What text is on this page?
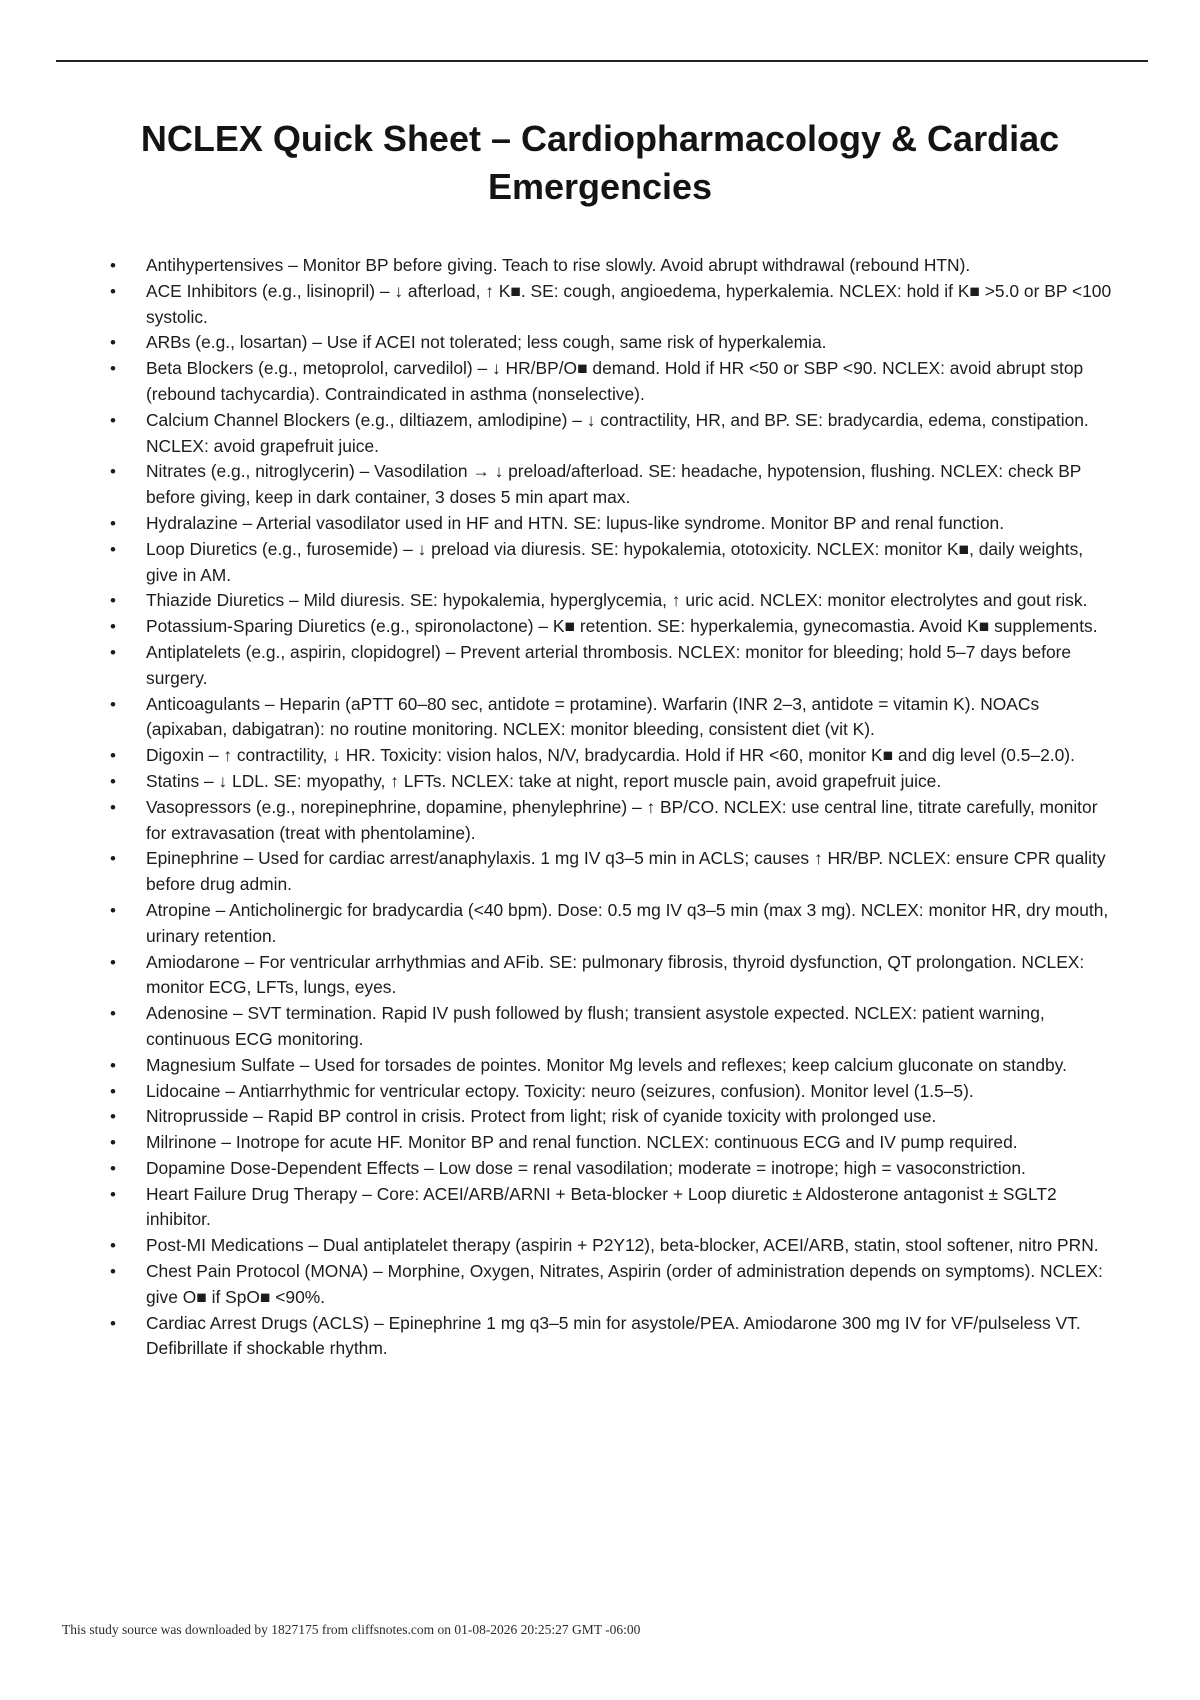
NCLEX Quick Sheet – Cardiopharmacology & Cardiac Emergencies
• Antihypertensives – Monitor BP before giving. Teach to rise slowly. Avoid abrupt withdrawal (rebound HTN).
• ACE Inhibitors (e.g., lisinopril) – ↓ afterload, ↑ K■. SE: cough, angioedema, hyperkalemia. NCLEX: hold if K■ >5.0 or BP <100 systolic.
• ARBs (e.g., losartan) – Use if ACEI not tolerated; less cough, same risk of hyperkalemia.
• Beta Blockers (e.g., metoprolol, carvedilol) – ↓ HR/BP/O■ demand. Hold if HR <50 or SBP <90. NCLEX: avoid abrupt stop (rebound tachycardia). Contraindicated in asthma (nonselective).
• Calcium Channel Blockers (e.g., diltiazem, amlodipine) – ↓ contractility, HR, and BP. SE: bradycardia, edema, constipation. NCLEX: avoid grapefruit juice.
• Nitrates (e.g., nitroglycerin) – Vasodilation → ↓ preload/afterload. SE: headache, hypotension, flushing. NCLEX: check BP before giving, keep in dark container, 3 doses 5 min apart max.
• Hydralazine – Arterial vasodilator used in HF and HTN. SE: lupus-like syndrome. Monitor BP and renal function.
• Loop Diuretics (e.g., furosemide) – ↓ preload via diuresis. SE: hypokalemia, ototoxicity. NCLEX: monitor K■, daily weights, give in AM.
• Thiazide Diuretics – Mild diuresis. SE: hypokalemia, hyperglycemia, ↑ uric acid. NCLEX: monitor electrolytes and gout risk.
• Potassium-Sparing Diuretics (e.g., spironolactone) – K■ retention. SE: hyperkalemia, gynecomastia. Avoid K■ supplements.
• Antiplatelets (e.g., aspirin, clopidogrel) – Prevent arterial thrombosis. NCLEX: monitor for bleeding; hold 5–7 days before surgery.
• Anticoagulants – Heparin (aPTT 60–80 sec, antidote = protamine). Warfarin (INR 2–3, antidote = vitamin K). NOACs (apixaban, dabigatran): no routine monitoring. NCLEX: monitor bleeding, consistent diet (vit K).
• Digoxin – ↑ contractility, ↓ HR. Toxicity: vision halos, N/V, bradycardia. Hold if HR <60, monitor K■ and dig level (0.5–2.0).
• Statins – ↓ LDL. SE: myopathy, ↑ LFTs. NCLEX: take at night, report muscle pain, avoid grapefruit juice.
• Vasopressors (e.g., norepinephrine, dopamine, phenylephrine) – ↑ BP/CO. NCLEX: use central line, titrate carefully, monitor for extravasation (treat with phentolamine).
• Epinephrine – Used for cardiac arrest/anaphylaxis. 1 mg IV q3–5 min in ACLS; causes ↑ HR/BP. NCLEX: ensure CPR quality before drug admin.
• Atropine – Anticholinergic for bradycardia (<40 bpm). Dose: 0.5 mg IV q3–5 min (max 3 mg). NCLEX: monitor HR, dry mouth, urinary retention.
• Amiodarone – For ventricular arrhythmias and AFib. SE: pulmonary fibrosis, thyroid dysfunction, QT prolongation. NCLEX: monitor ECG, LFTs, lungs, eyes.
• Adenosine – SVT termination. Rapid IV push followed by flush; transient asystole expected. NCLEX: patient warning, continuous ECG monitoring.
• Magnesium Sulfate – Used for torsades de pointes. Monitor Mg levels and reflexes; keep calcium gluconate on standby.
• Lidocaine – Antiarrhythmic for ventricular ectopy. Toxicity: neuro (seizures, confusion). Monitor level (1.5–5).
• Nitroprusside – Rapid BP control in crisis. Protect from light; risk of cyanide toxicity with prolonged use.
• Milrinone – Inotrope for acute HF. Monitor BP and renal function. NCLEX: continuous ECG and IV pump required.
• Dopamine Dose-Dependent Effects – Low dose = renal vasodilation; moderate = inotrope; high = vasoconstriction.
• Heart Failure Drug Therapy – Core: ACEI/ARB/ARNI + Beta-blocker + Loop diuretic ± Aldosterone antagonist ± SGLT2 inhibitor.
• Post-MI Medications – Dual antiplatelet therapy (aspirin + P2Y12), beta-blocker, ACEI/ARB, statin, stool softener, nitro PRN.
• Chest Pain Protocol (MONA) – Morphine, Oxygen, Nitrates, Aspirin (order of administration depends on symptoms). NCLEX: give O■ if SpO■ <90%.
• Cardiac Arrest Drugs (ACLS) – Epinephrine 1 mg q3–5 min for asystole/PEA. Amiodarone 300 mg IV for VF/pulseless VT. Defibrillate if shockable rhythm.

This study source was downloaded by 1827175 from cliffsnotes.com on 01-08-2026 20:25:27 GMT -06:00
